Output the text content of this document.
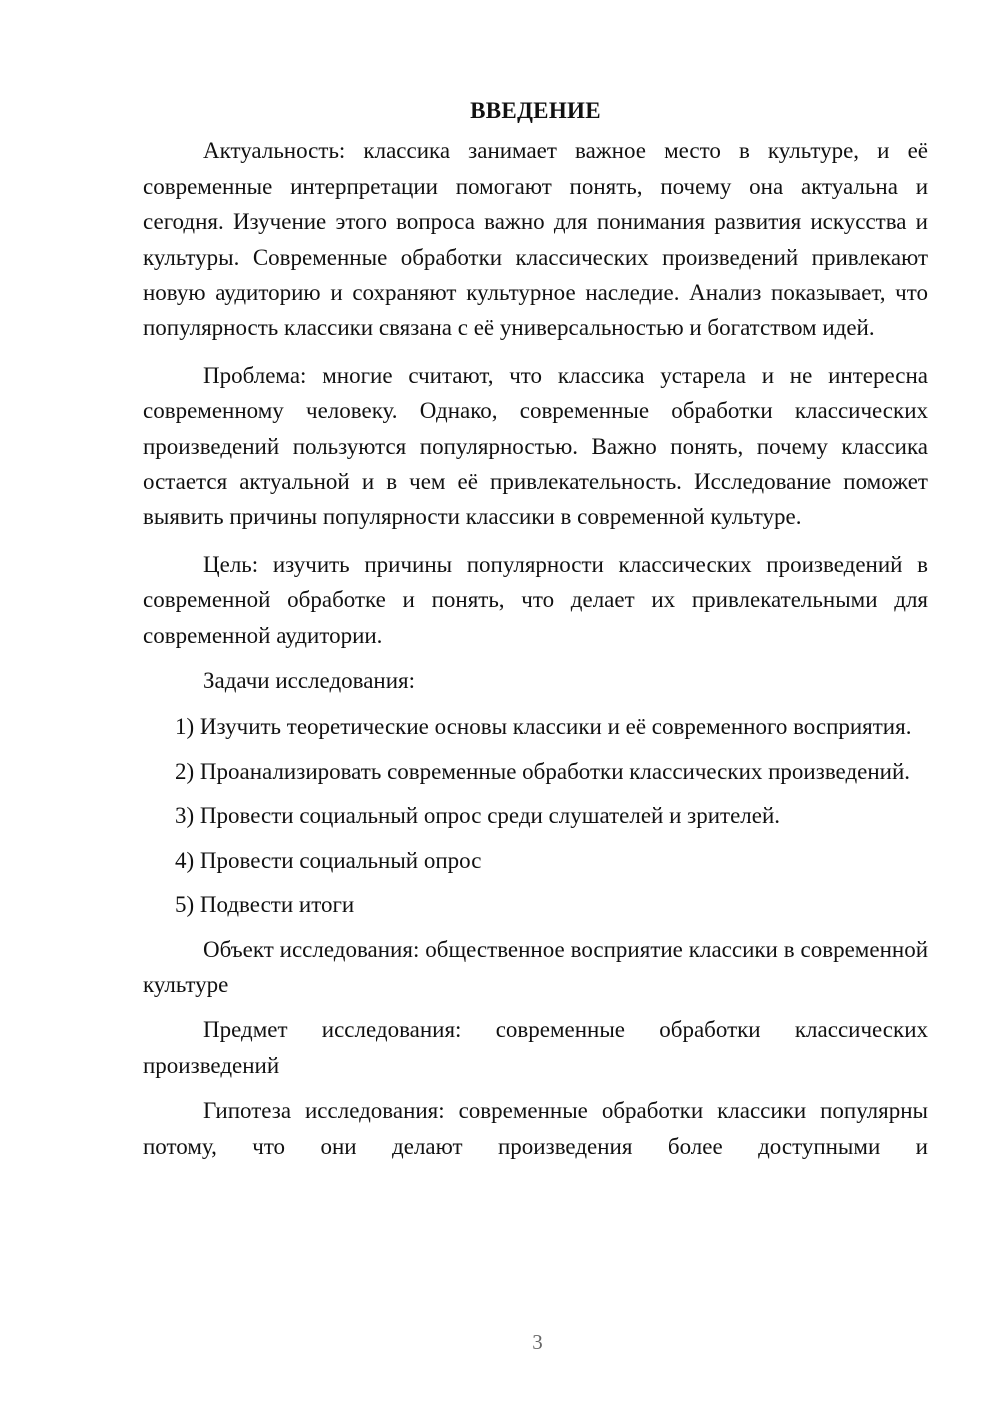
ВВЕДЕНИЕ

Актуальность: классика занимает важное место в культуре, и её современные интерпретации помогают понять, почему она актуальна и сегодня. Изучение этого вопроса важно для понимания развития искусства и культуры. Современные обработки классических произведений привлекают новую аудиторию и сохраняют культурное наследие. Анализ показывает, что популярность классики связана с её универсальностью и богатством идей.

Проблема: многие считают, что классика устарела и не интересна современному человеку. Однако, современные обработки классических произведений пользуются популярностью. Важно понять, почему классика остается актуальной и в чем её привлекательность. Исследование поможет выявить причины популярности классики в современной культуре.

Цель: изучить причины популярности классических произведений в современной обработке и понять, что делает их привлекательными для современной аудитории.

Задачи исследования:

1) Изучить теоретические основы классики и её современного восприятия.

2) Проанализировать современные обработки классических произведений.

3) Провести социальный опрос среди слушателей и зрителей.

4) Провести социальный опрос

5) Подвести итоги

Объект исследования: общественное восприятие классики в современной культуре

Предмет исследования: современные обработки классических произведений

Гипотеза исследования: современные обработки классики популярны потому, что они делают произведения более доступными и

3
